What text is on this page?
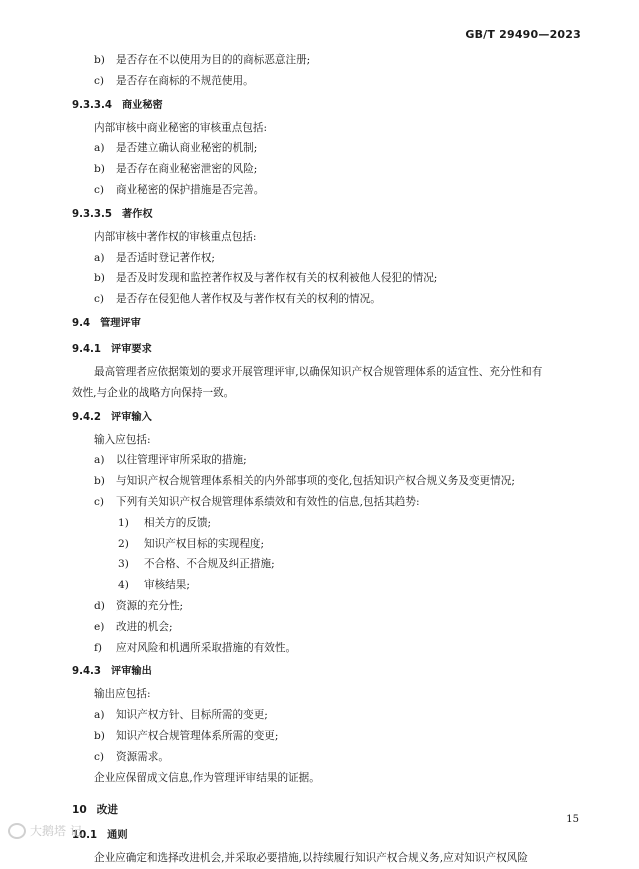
GB/T 29490—2023
b)	是否存在不以使用为目的的商标恶意注册;
c)	是否存在商标的不规范使用。
9.3.3.4 商业秘密
内部审核中商业秘密的审核重点包括:
a)	是否建立确认商业秘密的机制;
b)	是否存在商业秘密泄密的风险;
c)	商业秘密的保护措施是否完善。
9.3.3.5 著作权
内部审核中著作权的审核重点包括:
a)	是否适时登记著作权;
b)	是否及时发现和监控著作权及与著作权有关的权利被他人侵犯的情况;
c)	是否存在侵犯他人著作权及与著作权有关的权利的情况。
9.4 管理评审
9.4.1 评审要求
最高管理者应依据策划的要求开展管理评审,以确保知识产权合规管理体系的适宜性、充分性和有
效性,与企业的战略方向保持一致。
9.4.2 评审输入
输入应包括:
a)	以往管理评审所采取的措施;
b)	与知识产权合规管理体系相关的内外部事项的变化,包括知识产权合规义务及变更情况;
c)	下列有关知识产权合规管理体系绩效和有效性的信息,包括其趋势:
1)	相关方的反馈;
2)	知识产权目标的实现程度;
3)	不合格、不合规及纠正措施;
4)	审核结果;
d)	资源的充分性;
e)	改进的机会;
f)	应对风险和机遇所采取措施的有效性。
9.4.3 评审输出
输出应包括:
a)	知识产权方针、目标所需的变更;
b)	知识产权合规管理体系所需的变更;
c)	资源需求。
企业应保留成文信息,作为管理评审结果的证据。
10 改进
10.1 通则
企业应确定和选择改进机会,并采取必要措施,以持续履行知识产权合规义务,应对知识产权风险
15
大鹅塔 记
